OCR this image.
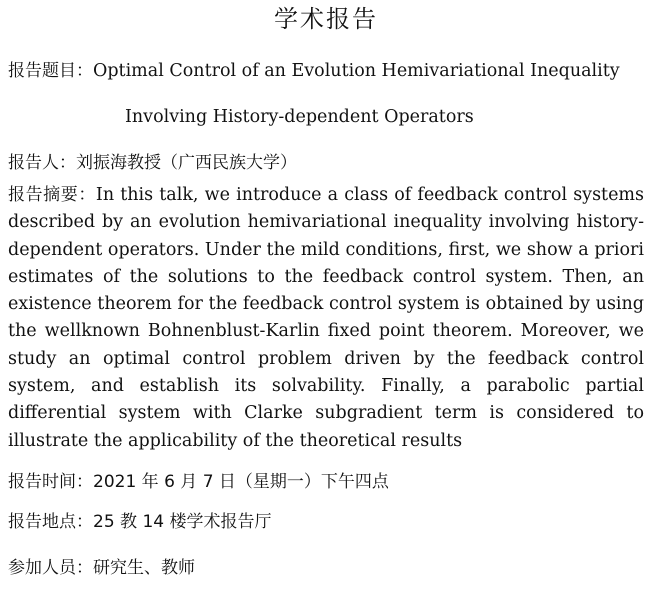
学术报告

报告题目：Optimal Control of an Evolution Hemivariational Inequality

Involving History-dependent Operators

报告人：刘振海教授（广西民族大学）

报告摘要：In this talk, we introduce a class of feedback control systems described by an evolution hemivariational inequality involving history-dependent operators. Under the mild conditions, first, we show a priori estimates of the solutions to the feedback control system. Then, an existence theorem for the feedback control system is obtained by using the wellknown Bohnenblust-Karlin fixed point theorem. Moreover, we study an optimal control problem driven by the feedback control system, and establish its solvability. Finally, a parabolic partial differential system with Clarke subgradient term is considered to illustrate the applicability of the theoretical results

报告时间：2021 年 6 月 7 日（星期一）下午四点

报告地点：25 教 14 楼学术报告厅

参加人员：研究生、教师
